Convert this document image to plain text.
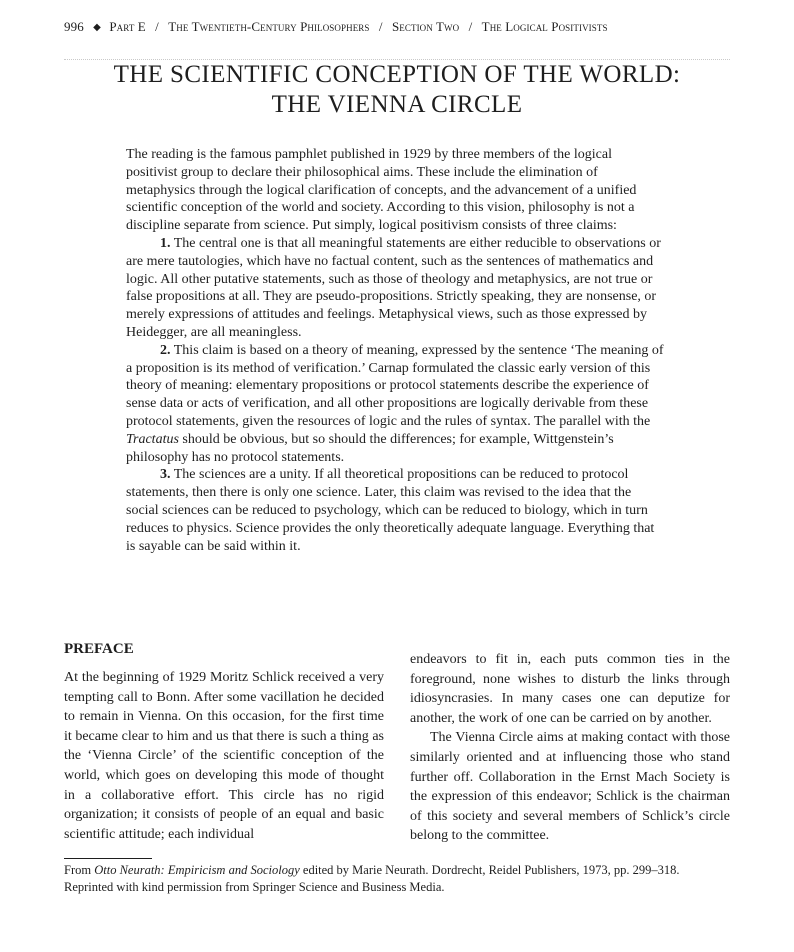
996 ◆ Part E / The Twentieth-Century Philosophers / Section Two / The Logical Positivists
THE SCIENTIFIC CONCEPTION OF THE WORLD:
THE VIENNA CIRCLE

The reading is the famous pamphlet published in 1929 by three members of the logical positivist group to declare their philosophical aims. These include the elimination of metaphysics through the logical clarification of concepts, and the advancement of a unified scientific conception of the world and society. According to this vision, philosophy is not a discipline separate from science. Put simply, logical positivism consists of three claims:

1. The central one is that all meaningful statements are either reducible to observations or are mere tautologies, which have no factual content, such as the sentences of mathematics and logic. All other putative statements, such as those of theology and metaphysics, are not true or false propositions at all. They are pseudo-propositions. Strictly speaking, they are nonsense, or merely expressions of attitudes and feelings. Metaphysical views, such as those expressed by Heidegger, are all meaningless.

2. This claim is based on a theory of meaning, expressed by the sentence ‘The meaning of a proposition is its method of verification.’ Carnap formulated the classic early version of this theory of meaning: elementary propositions or protocol statements describe the experience of sense data or acts of verification, and all other propositions are logically derivable from these protocol statements, given the resources of logic and the rules of syntax. The parallel with the Tractatus should be obvious, but so should the differences; for example, Wittgenstein’s philosophy has no protocol statements.

3. The sciences are a unity. If all theoretical propositions can be reduced to protocol statements, then there is only one science. Later, this claim was revised to the idea that the social sciences can be reduced to psychology, which can be reduced to biology, which in turn reduces to physics. Science provides the only theoretically adequate language. Everything that is sayable can be said within it.

PREFACE

At the beginning of 1929 Moritz Schlick received a very tempting call to Bonn. After some vacillation he decided to remain in Vienna. On this occasion, for the first time it became clear to him and us that there is such a thing as the ‘Vienna Circle’ of the scientific conception of the world, which goes on developing this mode of thought in a collaborative effort. This circle has no rigid organization; it consists of people of an equal and basic scientific attitude; each individual

endeavors to fit in, each puts common ties in the foreground, none wishes to disturb the links through idiosyncrasies. In many cases one can deputize for another, the work of one can be carried on by another.

The Vienna Circle aims at making contact with those similarly oriented and at influencing those who stand further off. Collaboration in the Ernst Mach Society is the expression of this endeavor; Schlick is the chairman of this society and several members of Schlick’s circle belong to the committee.

From Otto Neurath: Empiricism and Sociology edited by Marie Neurath. Dordrecht, Reidel Publishers, 1973, pp. 299–318.

Reprinted with kind permission from Springer Science and Business Media.
